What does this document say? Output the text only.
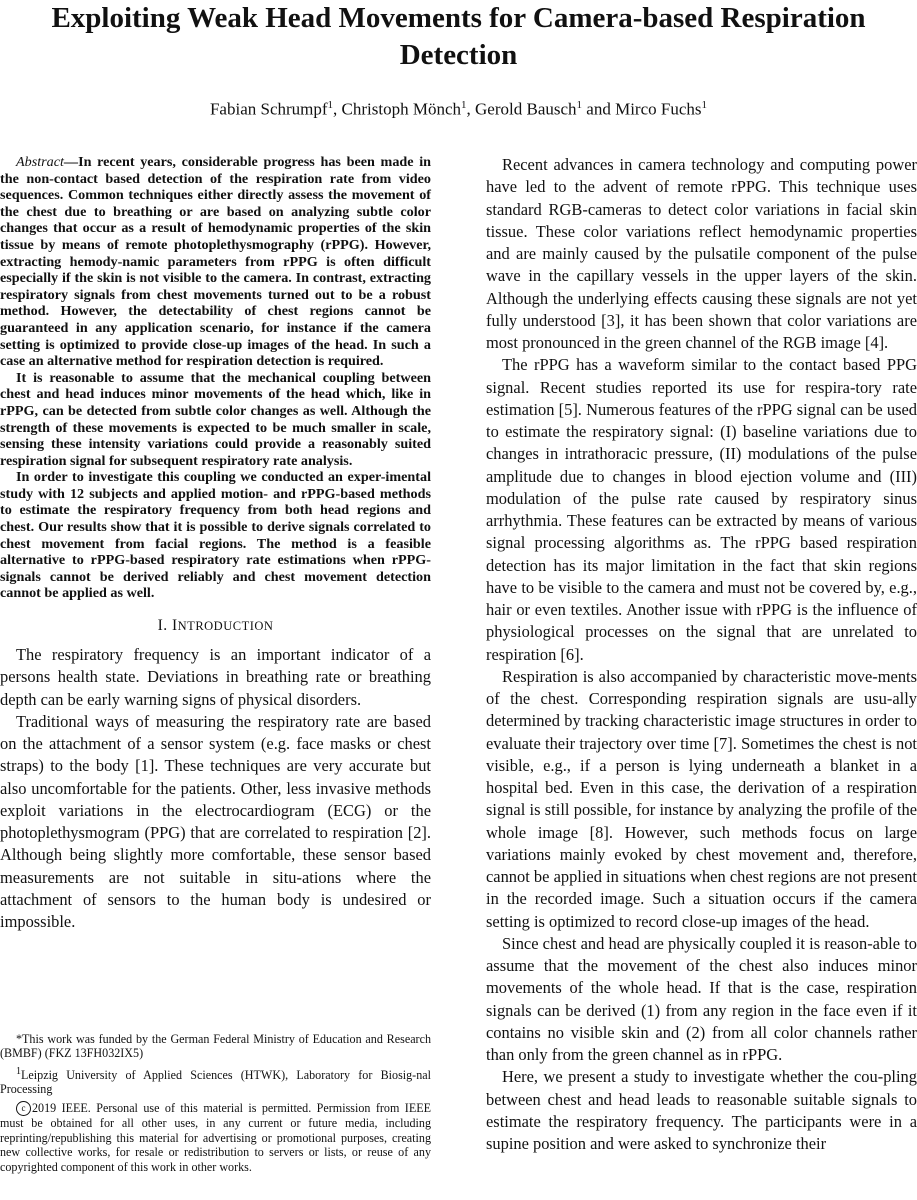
Exploiting Weak Head Movements for Camera-based Respiration Detection
Fabian Schrumpf$^1$, Christoph Mönch$^1$, Gerold Bausch$^1$ and Mirco Fuchs$^1$

Abstract—In recent years, considerable progress has been made in the non-contact based detection of the respiration rate from video sequences. Common techniques either directly assess the movement of the chest due to breathing or are based on analyzing subtle color changes that occur as a result of hemodynamic properties of the skin tissue by means of remote photoplethysmography (rPPG). However, extracting hemody-namic parameters from rPPG is often difficult especially if the skin is not visible to the camera. In contrast, extracting respiratory signals from chest movements turned out to be a robust method. However, the detectability of chest regions cannot be guaranteed in any application scenario, for instance if the camera setting is optimized to provide close-up images of the head. In such a case an alternative method for respiration detection is required.

It is reasonable to assume that the mechanical coupling between chest and head induces minor movements of the head which, like in rPPG, can be detected from subtle color changes as well. Although the strength of these movements is expected to be much smaller in scale, sensing these intensity variations could provide a reasonably suited respiration signal for subsequent respiratory rate analysis.

In order to investigate this coupling we conducted an exper-imental study with 12 subjects and applied motion- and rPPG-based methods to estimate the respiratory frequency from both head regions and chest. Our results show that it is possible to derive signals correlated to chest movement from facial regions. The method is a feasible alternative to rPPG-based respiratory rate estimations when rPPG-signals cannot be derived reliably and chest movement detection cannot be applied as well.

I. INTRODUCTION

The respiratory frequency is an important indicator of a persons health state. Deviations in breathing rate or breathing depth can be early warning signs of physical disorders.

Traditional ways of measuring the respiratory rate are based on the attachment of a sensor system (e.g. face masks or chest straps) to the body [1]. These techniques are very accurate but also uncomfortable for the patients. Other, less invasive methods exploit variations in the electrocardiogram (ECG) or the photoplethysmogram (PPG) that are correlated to respiration [2]. Although being slightly more comfortable, these sensor based measurements are not suitable in situ-ations where the attachment of sensors to the human body is undesired or impossible.

*This work was funded by the German Federal Ministry of Education and Research (BMBF) (FKZ 13FH032IX5)

$^1$Leipzig University of Applied Sciences (HTWK), Laboratory for Biosig-nal Processing

c 2019 IEEE. Personal use of this material is permitted. Permission from IEEE must be obtained for all other uses, in any current or future media, including reprinting/republishing this material for advertising or promotional purposes, creating new collective works, for resale or redistribution to servers or lists, or reuse of any copyrighted component of this work in other works.

Recent advances in camera technology and computing power have led to the advent of remote rPPG. This technique uses standard RGB-cameras to detect color variations in facial skin tissue. These color variations reflect hemodynamic properties and are mainly caused by the pulsatile component of the pulse wave in the capillary vessels in the upper layers of the skin. Although the underlying effects causing these signals are not yet fully understood [3], it has been shown that color variations are most pronounced in the green channel of the RGB image [4].

The rPPG has a waveform similar to the contact based PPG signal. Recent studies reported its use for respira-tory rate estimation [5]. Numerous features of the rPPG signal can be used to estimate the respiratory signal: (I) baseline variations due to changes in intrathoracic pressure, (II) modulations of the pulse amplitude due to changes in blood ejection volume and (III) modulation of the pulse rate caused by respiratory sinus arrhythmia. These features can be extracted by means of various signal processing algorithms as. The rPPG based respiration detection has its major limitation in the fact that skin regions have to be visible to the camera and must not be covered by, e.g., hair or even textiles. Another issue with rPPG is the influence of physiological processes on the signal that are unrelated to respiration [6].

Respiration is also accompanied by characteristic move-ments of the chest. Corresponding respiration signals are usu-ally determined by tracking characteristic image structures in order to evaluate their trajectory over time [7]. Sometimes the chest is not visible, e.g., if a person is lying underneath a blanket in a hospital bed. Even in this case, the derivation of a respiration signal is still possible, for instance by analyzing the profile of the whole image [8]. However, such methods focus on large variations mainly evoked by chest movement and, therefore, cannot be applied in situations when chest regions are not present in the recorded image. Such a situation occurs if the camera setting is optimized to record close-up images of the head.

Since chest and head are physically coupled it is reason-able to assume that the movement of the chest also induces minor movements of the whole head. If that is the case, respiration signals can be derived (1) from any region in the face even if it contains no visible skin and (2) from all color channels rather than only from the green channel as in rPPG.

Here, we present a study to investigate whether the cou-pling between chest and head leads to reasonable suitable signals to estimate the respiratory frequency. The participants were in a supine position and were asked to synchronize their
